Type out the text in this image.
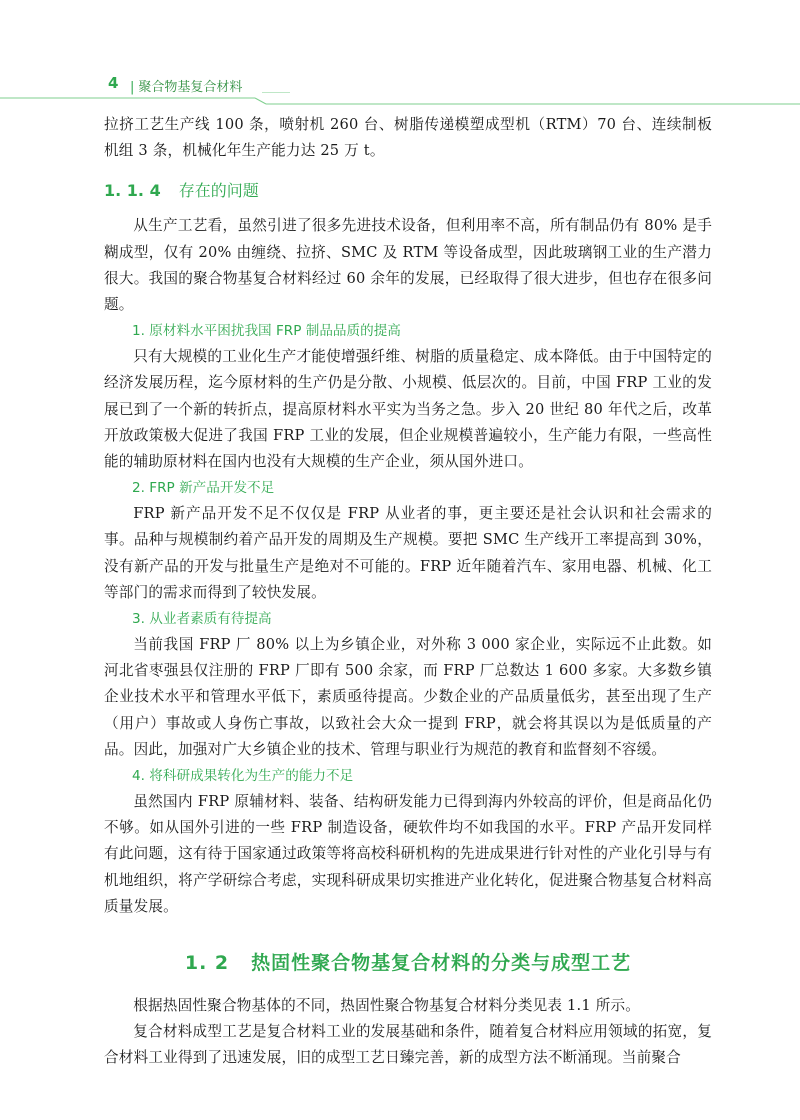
4	| 聚合物基复合材料

拉挤工艺生产线 100 条，喷射机 260 台、树脂传递模塑成型机（RTM）70 台、连续制板机组 3 条，机械化年生产能力达 25 万 t。

1. 1. 4 存在的问题

从生产工艺看，虽然引进了很多先进技术设备，但利用率不高，所有制品仍有 80% 是手糊成型，仅有 20% 由缠绕、拉挤、SMC 及 RTM 等设备成型，因此玻璃钢工业的生产潜力很大。我国的聚合物基复合材料经过 60 余年的发展，已经取得了很大进步，但也存在很多问题。

1. 原材料水平困扰我国 FRP 制品品质的提高

只有大规模的工业化生产才能使增强纤维、树脂的质量稳定、成本降低。由于中国特定的经济发展历程，迄今原材料的生产仍是分散、小规模、低层次的。目前，中国 FRP 工业的发展已到了一个新的转折点，提高原材料水平实为当务之急。步入 20 世纪 80 年代之后，改革开放政策极大促进了我国 FRP 工业的发展，但企业规模普遍较小，生产能力有限，一些高性能的辅助原材料在国内也没有大规模的生产企业，须从国外进口。

2. FRP 新产品开发不足

FRP 新产品开发不足不仅仅是 FRP 从业者的事，更主要还是社会认识和社会需求的事。品种与规模制约着产品开发的周期及生产规模。要把 SMC 生产线开工率提高到 30%，没有新产品的开发与批量生产是绝对不可能的。FRP 近年随着汽车、家用电器、机械、化工等部门的需求而得到了较快发展。

3. 从业者素质有待提高

当前我国 FRP 厂 80% 以上为乡镇企业，对外称 3 000 家企业，实际远不止此数。如河北省枣强县仅注册的 FRP 厂即有 500 余家，而 FRP 厂总数达 1 600 多家。大多数乡镇企业技术水平和管理水平低下，素质亟待提高。少数企业的产品质量低劣，甚至出现了生产（用户）事故或人身伤亡事故，以致社会大众一提到 FRP，就会将其误以为是低质量的产品。因此，加强对广大乡镇企业的技术、管理与职业行为规范的教育和监督刻不容缓。

4. 将科研成果转化为生产的能力不足

虽然国内 FRP 原辅材料、装备、结构研发能力已得到海内外较高的评价，但是商品化仍不够。如从国外引进的一些 FRP 制造设备，硬软件均不如我国的水平。FRP 产品开发同样有此问题，这有待于国家通过政策等将高校科研机构的先进成果进行针对性的产业化引导与有机地组织，将产学研综合考虑，实现科研成果切实推进产业化转化，促进聚合物基复合材料高质量发展。

1. 2 热固性聚合物基复合材料的分类与成型工艺

根据热固性聚合物基体的不同，热固性聚合物基复合材料分类见表 1.1 所示。

复合材料成型工艺是复合材料工业的发展基础和条件，随着复合材料应用领域的拓宽，复合材料工业得到了迅速发展，旧的成型工艺日臻完善，新的成型方法不断涌现。当前聚合
